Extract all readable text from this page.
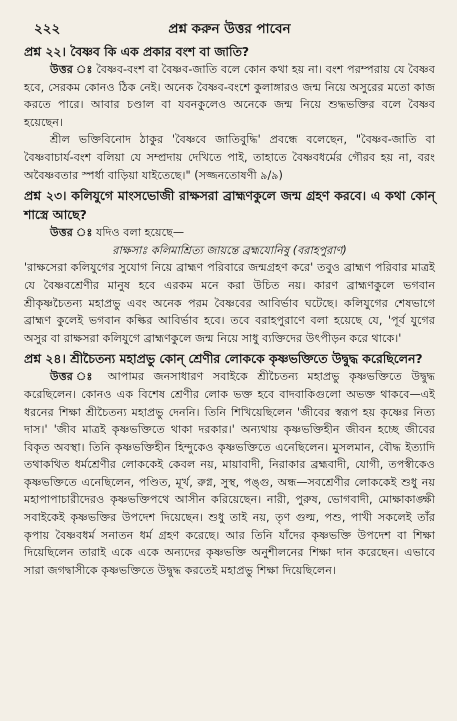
২২২	প্রশ্ন করুন উত্তর পাবেন

প্রশ্ন ২২। বৈষ্ণব কি এক প্রকার বংশ বা জাতি?

উত্তর ঃ বৈষ্ণব-বংশ বা বৈষ্ণব-জাতি বলে কোন কথা হয় না। বংশ পরম্পরায় যে বৈষ্ণব হবে, সেরকম কোনও ঠিক নেই। অনেক বৈষ্ণব-বংশে কুলাঙ্গারও জন্ম নিয়ে অসুরের মতো কাজ করতে পারে। আবার চণ্ডাল বা যবনকুলেও অনেকে জন্ম নিয়ে শুদ্ধভক্তির বলে বৈষ্ণব হয়েছেন।

শ্রীল ভক্তিবিনোদ ঠাকুর 'বৈষ্ণবে জাতিবুদ্ধি' প্রবন্ধে বলেছেন, "বৈষ্ণব-জাতি বা বৈষ্ণবাচার্য-বংশ বলিয়া যে সম্প্রদায় দেখিতে পাই, তাহাতে বৈষ্ণবধর্মের গৌরব হয় না, বরং অবৈষ্ণবতার স্পর্ধা বাড়িয়া যাইতেছে।" (সজ্জনতোষণী ৯/৯)

প্রশ্ন ২৩। কলিযুগে মাংসভোজী রাক্ষসরা ব্রাহ্মণকুলে জন্ম গ্রহণ করবে। এ কথা কোন্ শাস্ত্রে আছে?

উত্তর ঃ যদিও বলা হয়েছে—

রাক্ষসাঃ কলিমাশ্রিত্য জায়ন্তে ব্রহ্মযোনিষু (বরাহপুরাণ)

'রাক্ষসেরা কলিযুগের সুযোগ নিয়ে ব্রাহ্মণ পরিবারে জন্মগ্রহণ করে' তবুও ব্রাহ্মণ পরিবার মাত্রই যে বৈষ্ণবশ্রেণীর মানুষ হবে এরকম মনে করা উচিত নয়। কারণ ব্রাহ্মণকুলে ভগবান শ্রীকৃষ্ণচৈতন্য মহাপ্রভু এবং অনেক পরম বৈষ্ণবের আবির্ভাব ঘটেছে। কলিযুগের শেষভাগে ব্রাহ্মণ কুলেই ভগবান কল্কির আবির্ভাব হবে। তবে বরাহপুরাণে বলা হয়েছে যে, 'পূর্ব যুগের অসুর বা রাক্ষসরা কলিযুগে ব্রাহ্মণকুলে জন্ম নিয়ে সাধু ব্যক্তিদের উৎপীড়ন করে থাকে।'

প্রশ্ন ২৪। শ্রীচৈতন্য মহাপ্রভু কোন্ শ্রেণীর লোককে কৃষ্ণভক্তিতে উদ্বুদ্ধ করেছিলেন?

উত্তর ঃ আপামর জনসাধারণ সবাইকে শ্রীচৈতন্য মহাপ্রভু কৃষ্ণভক্তিতে উদ্বুদ্ধ করেছিলেন। কোনও এক বিশেষ শ্রেণীর লোক ভক্ত হবে বাদবাকিগুলো অভক্ত থাকবে—এই ধরনের শিক্ষা শ্রীচৈতন্য মহাপ্রভু দেননি। তিনি শিখিয়েছিলেন 'জীবের স্বরূপ হয় কৃষ্ণের নিত্য দাস।' 'জীব মাত্রই কৃষ্ণভক্তিতে থাকা দরকার।' অন্যথায় কৃষ্ণভক্তিহীন জীবন হচ্ছে জীবের বিকৃত অবস্থা। তিনি কৃষ্ণভক্তিহীন হিন্দুকেও কৃষ্ণভক্তিতে এনেছিলেন। মুসলমান, বৌদ্ধ ইত্যাদি তথাকথিত ধর্মশ্রেণীর লোককেই কেবল নয়, মায়াবাদী, নিরাকার ব্রহ্মবাদী, যোগী, তপস্বীকেও কৃষ্ণভক্তিতে এনেছিলেন, পণ্ডিত, মূর্খ, রুগ্ন, সুস্থ, পঙ্গু, অন্ধ—সবশ্রেণীর লোককেই শুধু নয় মহাপাপাচারীদেরও কৃষ্ণভক্তিপথে আসীন করিয়েছেন। নারী, পুরুষ, ভোগবাদী, মোক্ষাকাঙ্ক্ষী সবাইকেই কৃষ্ণভক্তির উপদেশ দিয়েছেন। শুধু তাই নয়, তৃণ গুল্ম, পশু, পাখী সকলেই তাঁর কৃপায় বৈষ্ণবধর্ম সনাতন ধর্ম গ্রহণ করেছে। আর তিনি যাঁদের কৃষ্ণভক্তি উপদেশ বা শিক্ষা দিয়েছিলেন তারাই একে একে অন্যদের কৃষ্ণভক্তি অনুশীলনের শিক্ষা দান করেছেন। এভাবে সারা জগদ্বাসীকে কৃষ্ণভক্তিতে উদ্বুদ্ধ করতেই মহাপ্রভু শিক্ষা দিয়েছিলেন।
